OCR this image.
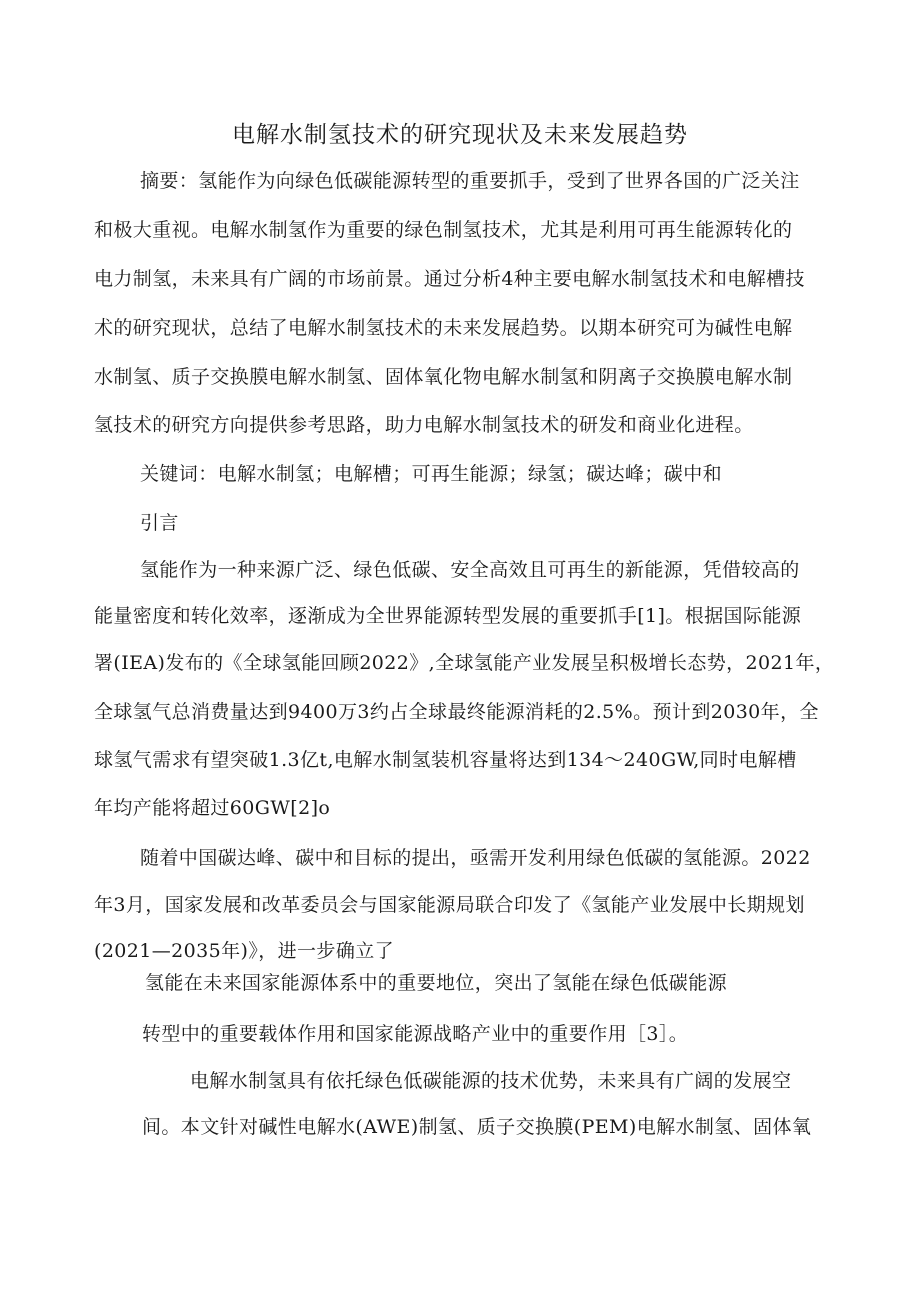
电解水制氢技术的研究现状及未来发展趋势
摘要：氢能作为向绿色低碳能源转型的重要抓手，受到了世界各国的广泛关注
和极大重视。电解水制氢作为重要的绿色制氢技术，尤其是利用可再生能源转化的
电力制氢，未来具有广阔的市场前景。通过分析4种主要电解水制氢技术和电解槽技
术的研究现状，总结了电解水制氢技术的未来发展趋势。以期本研究可为碱性电解
水制氢、质子交换膜电解水制氢、固体氧化物电解水制氢和阴离子交换膜电解水制
氢技术的研究方向提供参考思路，助力电解水制氢技术的研发和商业化进程。
关键词：电解水制氢；电解槽；可再生能源；绿氢；碳达峰；碳中和
引言
氢能作为一种来源广泛、绿色低碳、安全高效且可再生的新能源，凭借较高的
能量密度和转化效率，逐渐成为全世界能源转型发展的重要抓手[1]。根据国际能源
署(IEA)发布的《全球氢能回顾2022》,全球氢能产业发展呈积极增长态势，2021年，
全球氢气总消费量达到9400万3约占全球最终能源消耗的2.5%。预计到2030年，全
球氢气需求有望突破1.3亿t,电解水制氢装机容量将达到134～240GW,同时电解槽
年均产能将超过60GW[2]o
随着中国碳达峰、碳中和目标的提出，亟需开发利用绿色低碳的氢能源。2022
年3月，国家发展和改革委员会与国家能源局联合印发了《氢能产业发展中长期规划
(2021—2035年)》，进一步确立了
氢能在未来国家能源体系中的重要地位，突出了氢能在绿色低碳能源
转型中的重要载体作用和国家能源战略产业中的重要作用［3］。
电解水制氢具有依托绿色低碳能源的技术优势，未来具有广阔的发展空
间。本文针对碱性电解水(AWE)制氢、质子交换膜(PEM)电解水制氢、固体氧
